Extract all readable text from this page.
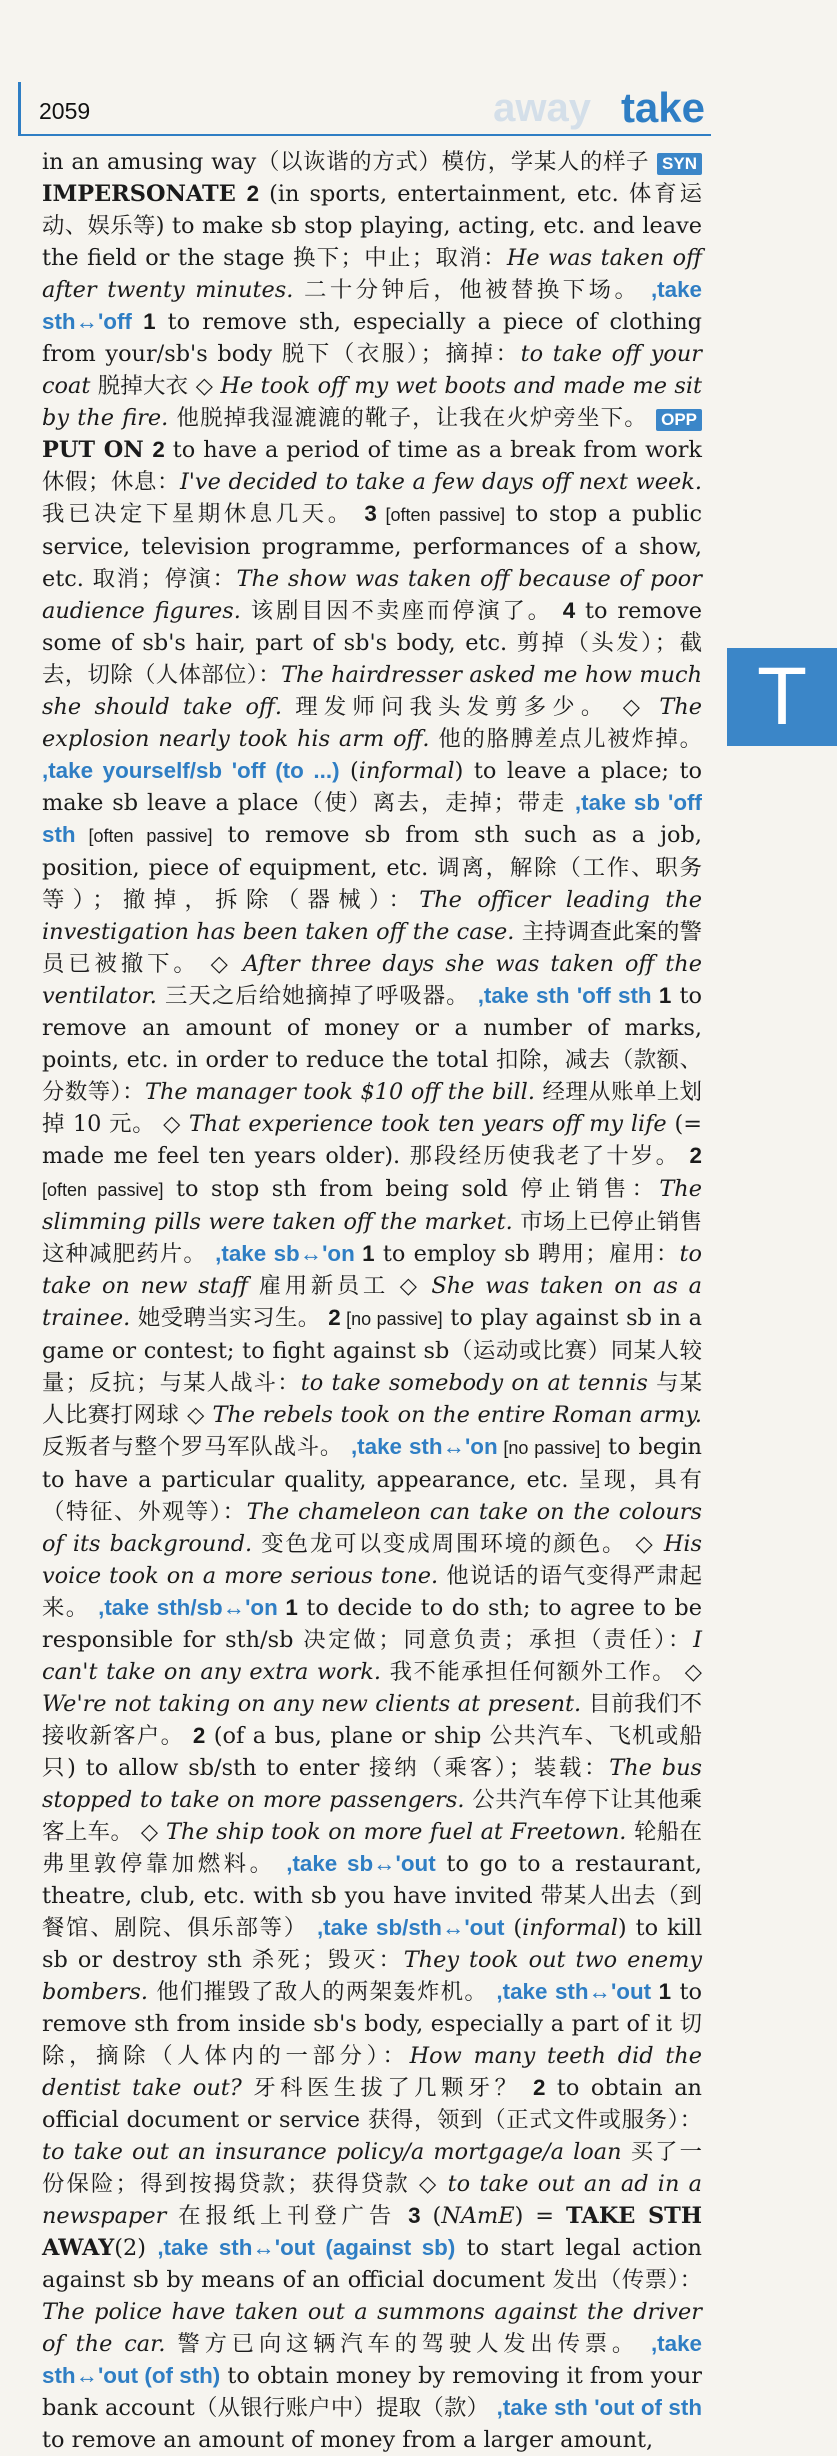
2059	away take
T

in an amusing way（以诙谐的方式）模仿，学某人的样子 SYN IMPERSONATE 2 (in sports, entertainment, etc. 体育运动、娱乐等) to make sb stop playing, acting, etc. and leave the field or the stage 换下；中止；取消：He was taken off after twenty minutes. 二十分钟后，他被替换下场。 ,take sth↔'off 1 to remove sth, especially a piece of clothing from your/sb's body 脱下（衣服）；摘掉：to take off your coat 脱掉大衣 ◇ He took off my wet boots and made me sit by the fire. 他脱掉我湿漉漉的靴子，让我在火炉旁坐下。 OPP PUT ON 2 to have a period of time as a break from work 休假；休息：I've decided to take a few days off next week. 我已决定下星期休息几天。 3 [often passive] to stop a public service, television programme, performances of a show, etc. 取消；停演：The show was taken off because of poor audience figures. 该剧目因不卖座而停演了。 4 to remove some of sb's hair, part of sb's body, etc. 剪掉（头发）；截去，切除（人体部位）：The hairdresser asked me how much she should take off. 理发师问我头发剪多少。 ◇ The explosion nearly took his arm off. 他的胳膊差点儿被炸掉。 ,take yourself/sb 'off (to ...) (informal) to leave a place; to make sb leave a place（使）离去，走掉；带走 ,take sb 'off sth [often passive] to remove sb from sth such as a job, position, piece of equipment, etc. 调离，解除（工作、职务等）；撤掉，拆除（器械）：The officer leading the investigation has been taken off the case. 主持调查此案的警员已被撤下。 ◇ After three days she was taken off the ventilator. 三天之后给她摘掉了呼吸器。 ,take sth 'off sth 1 to remove an amount of money or a number of marks, points, etc. in order to reduce the total 扣除，减去（款额、分数等）：The manager took $10 off the bill. 经理从账单上划掉 10 元。 ◇ That experience took ten years off my life (= made me feel ten years older). 那段经历使我老了十岁。 2 [often passive] to stop sth from being sold 停止销售：The slimming pills were taken off the market. 市场上已停止销售这种减肥药片。 ,take sb↔'on 1 to employ sb 聘用；雇用：to take on new staff 雇用新员工 ◇ She was taken on as a trainee. 她受聘当实习生。 2 [no passive] to play against sb in a game or contest; to fight against sb（运动或比赛）同某人较量；反抗；与某人战斗：to take somebody on at tennis 与某人比赛打网球 ◇ The rebels took on the entire Roman army. 反叛者与整个罗马军队战斗。 ,take sth↔'on [no passive] to begin to have a particular quality, appearance, etc. 呈现，具有（特征、外观等）：The chameleon can take on the colours of its background. 变色龙可以变成周围环境的颜色。 ◇ His voice took on a more serious tone. 他说话的语气变得严肃起来。 ,take sth/sb↔'on 1 to decide to do sth; to agree to be responsible for sth/sb 决定做；同意负责；承担（责任）：I can't take on any extra work. 我不能承担任何额外工作。 ◇ We're not taking on any new clients at present. 目前我们不接收新客户。 2 (of a bus, plane or ship 公共汽车、飞机或船只) to allow sb/sth to enter 接纳（乘客）；装载：The bus stopped to take on more passengers. 公共汽车停下让其他乘客上车。 ◇ The ship took on more fuel at Freetown. 轮船在弗里敦停靠加燃料。 ,take sb↔'out to go to a restaurant, theatre, club, etc. with sb you have invited 带某人出去（到餐馆、剧院、俱乐部等） ,take sb/sth↔'out (informal) to kill sb or destroy sth 杀死；毁灭：They took out two enemy bombers. 他们摧毁了敌人的两架轰炸机。 ,take sth↔'out 1 to remove sth from inside sb's body, especially a part of it 切除，摘除（人体内的一部分）：How many teeth did the dentist take out? 牙科医生拔了几颗牙？ 2 to obtain an official document or service 获得，领到（正式文件或服务）：to take out an insurance policy/a mortgage/a loan 买了一份保险；得到按揭贷款；获得贷款 ◇ to take out an ad in a newspaper 在报纸上刊登广告 3 (NAmE) = TAKE STH AWAY(2) ,take sth↔'out (against sb) to start legal action against sb by means of an official document 发出（传票）：The police have taken out a summons against the driver of the car. 警方已向这辆汽车的驾驶人发出传票。 ,take sth↔'out (of sth) to obtain money by removing it from your bank account（从银行账户中）提取（款） ,take sth 'out of sth to remove an amount of money from a larger amount,
